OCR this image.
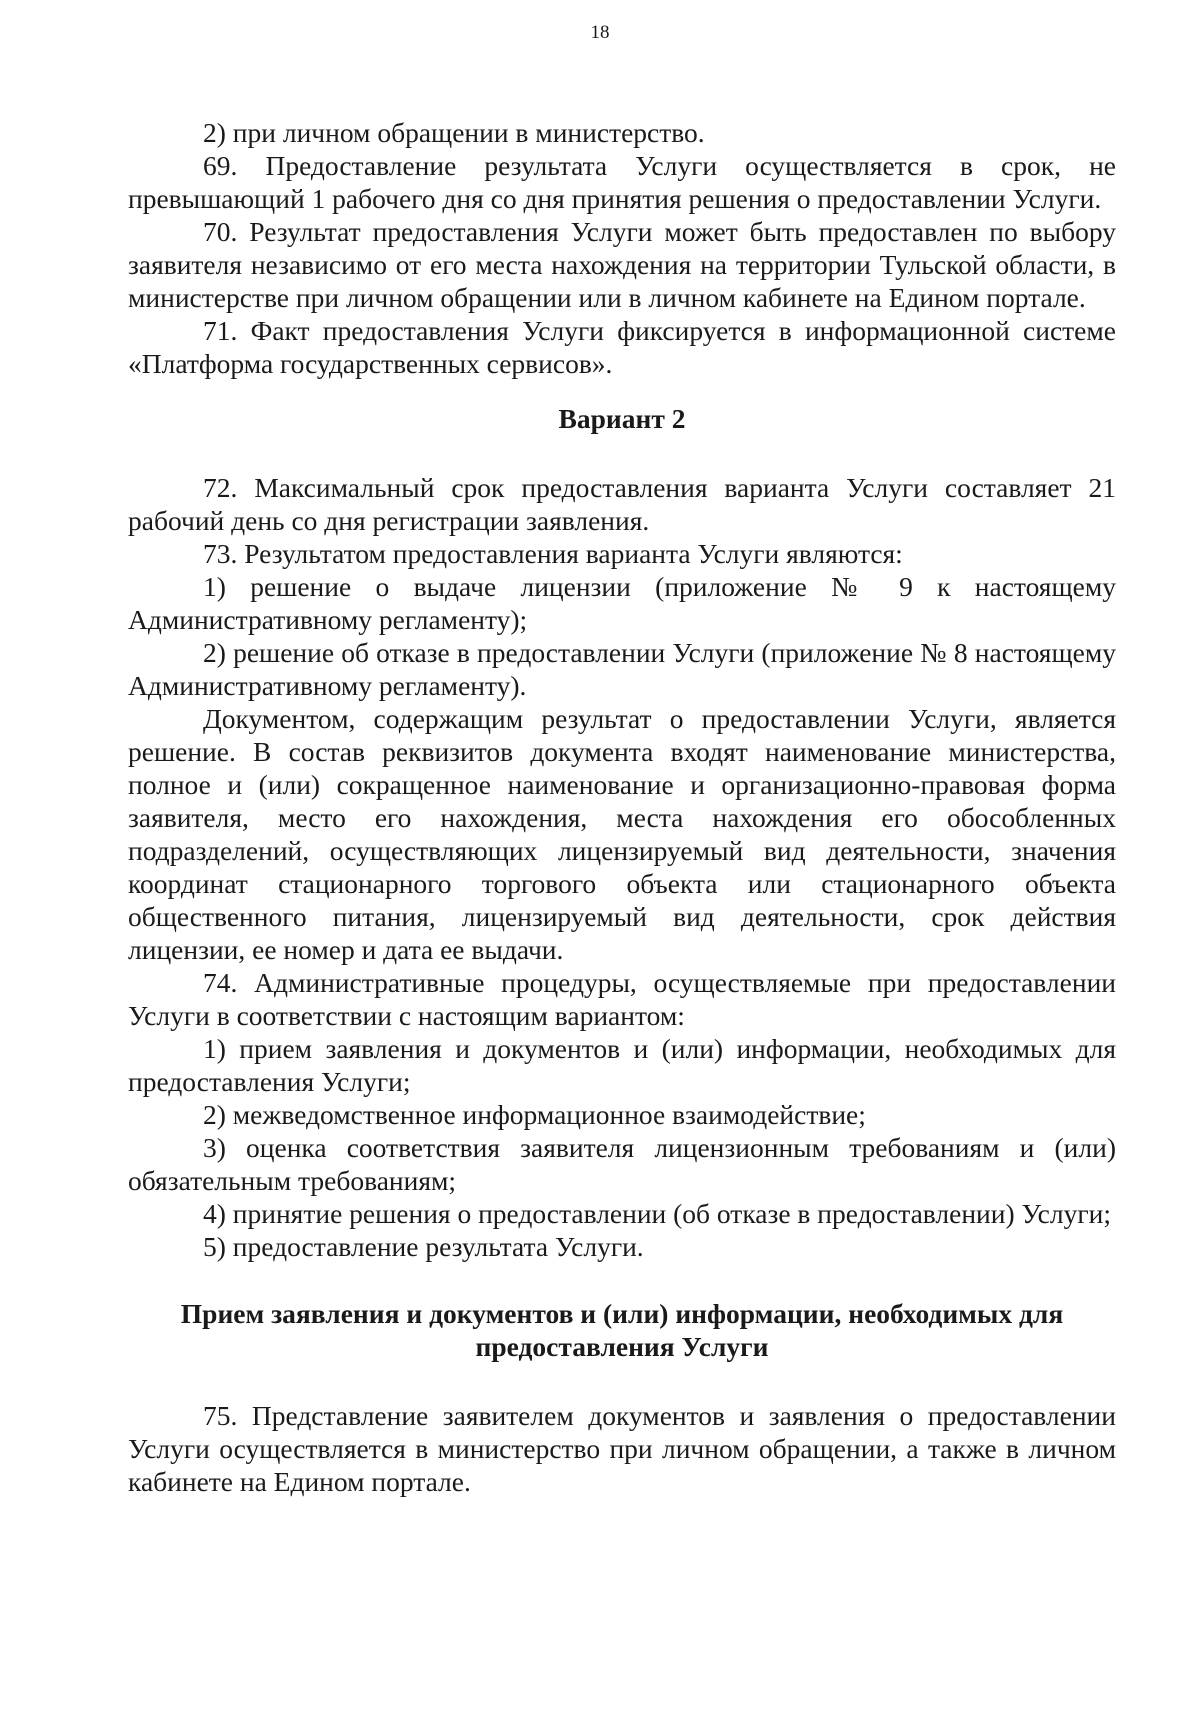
18

2) при личном обращении в министерство.

69. Предоставление результата Услуги осуществляется в срок, не превышающий 1 рабочего дня со дня принятия решения о предоставлении Услуги.

70. Результат предоставления Услуги может быть предоставлен по выбору заявителя независимо от его места нахождения на территории Тульской области, в министерстве при личном обращении или в личном кабинете на Едином портале.

71. Факт предоставления Услуги фиксируется в информационной системе «Платформа государственных сервисов».

Вариант 2

72. Максимальный срок предоставления варианта Услуги составляет 21 рабочий день со дня регистрации заявления.

73. Результатом предоставления варианта Услуги являются:

1) решение о выдаче лицензии (приложение № 9 к настоящему Административному регламенту);

2) решение об отказе в предоставлении Услуги (приложение № 8 настоящему Административному регламенту).

Документом, содержащим результат о предоставлении Услуги, является решение. В состав реквизитов документа входят наименование министерства, полное и (или) сокращенное наименование и организационно-правовая форма заявителя, место его нахождения, места нахождения его обособленных подразделений, осуществляющих лицензируемый вид деятельности, значения координат стационарного торгового объекта или стационарного объекта общественного питания, лицензируемый вид деятельности, срок действия лицензии, ее номер и дата ее выдачи.

74. Административные процедуры, осуществляемые при предоставлении Услуги в соответствии с настоящим вариантом:

1) прием заявления и документов и (или) информации, необходимых для предоставления Услуги;

2) межведомственное информационное взаимодействие;

3) оценка соответствия заявителя лицензионным требованиям и (или) обязательным требованиям;

4) принятие решения о предоставлении (об отказе в предоставлении) Услуги;

5) предоставление результата Услуги.

Прием заявления и документов и (или) информации, необходимых для предоставления Услуги

75. Представление заявителем документов и заявления о предоставлении Услуги осуществляется в министерство при личном обращении, а также в личном кабинете на Едином портале.
